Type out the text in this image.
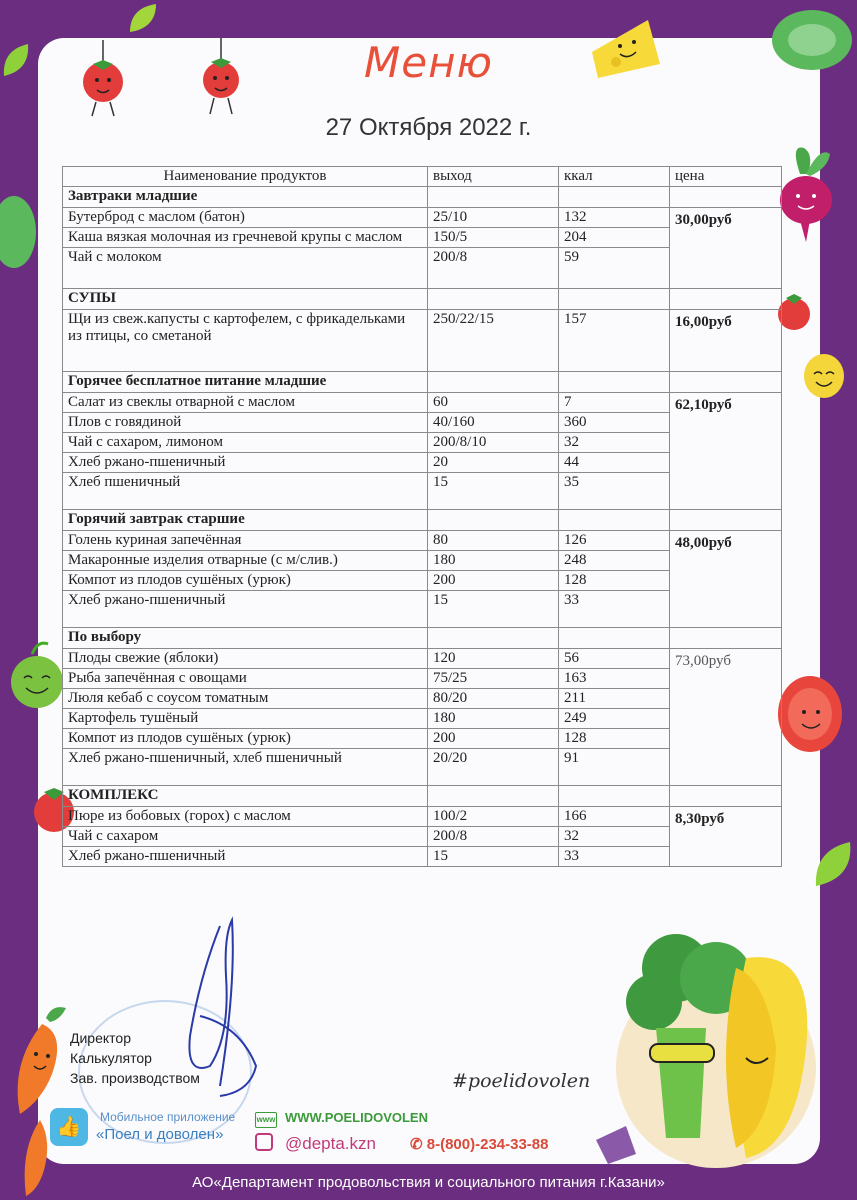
Меню
27 Октября 2022 г.
Наименование продуктов	выход	ккал	цена
Завтраки младшие			
Бутерброд с маслом (батон)	25/10	132	30,00руб
Каша вязкая молочная из гречневой крупы с маслом	150/5	204	
Чай с молоком	200/8	59	
СУПЫ			
Щи из свеж.капусты с картофелем, с фрикадельками из птицы, со сметаной	250/22/15	157	16,00руб
Горячее бесплатное питание младшие			
Салат из свеклы отварной с маслом	60	7	62,10руб
Плов с говядиной	40/160	360	
Чай с сахаром, лимоном	200/8/10	32	
Хлеб ржано-пшеничный	20	44	
Хлеб пшеничный	15	35	
Горячий завтрак старшие			
Голень куриная запечённая	80	126	48,00руб
Макаронные изделия отварные (с м/слив.)	180	248	
Компот из плодов сушёных (урюк)	200	128	
Хлеб ржано-пшеничный	15	33	
По выбору			
Плоды свежие (яблоки)	120	56	73,00руб
Рыба запечённая с овощами	75/25	163	
Люля кебаб с соусом томатным	80/20	211	
Картофель тушёный	180	249	
Компот из плодов сушёных (урюк)	200	128	
Хлеб ржано-пшеничный, хлеб пшеничный	20/20	91	
КОМПЛЕКС			
Пюре из бобовых (горох) с маслом	100/2	166	8,30руб
Чай с сахаром	200/8	32	
Хлеб ржано-пшеничный	15	33	
Директор
Калькулятор
Зав. производством
👍	Мобильное приложение
«Поел и доволен»
www WWW.POELIDOVOLEN
@depta.kzn ✆ 8-(800)-234-33-88
#poelidovolen
АО«Департамент продовольствия и социального питания г.Казани»
